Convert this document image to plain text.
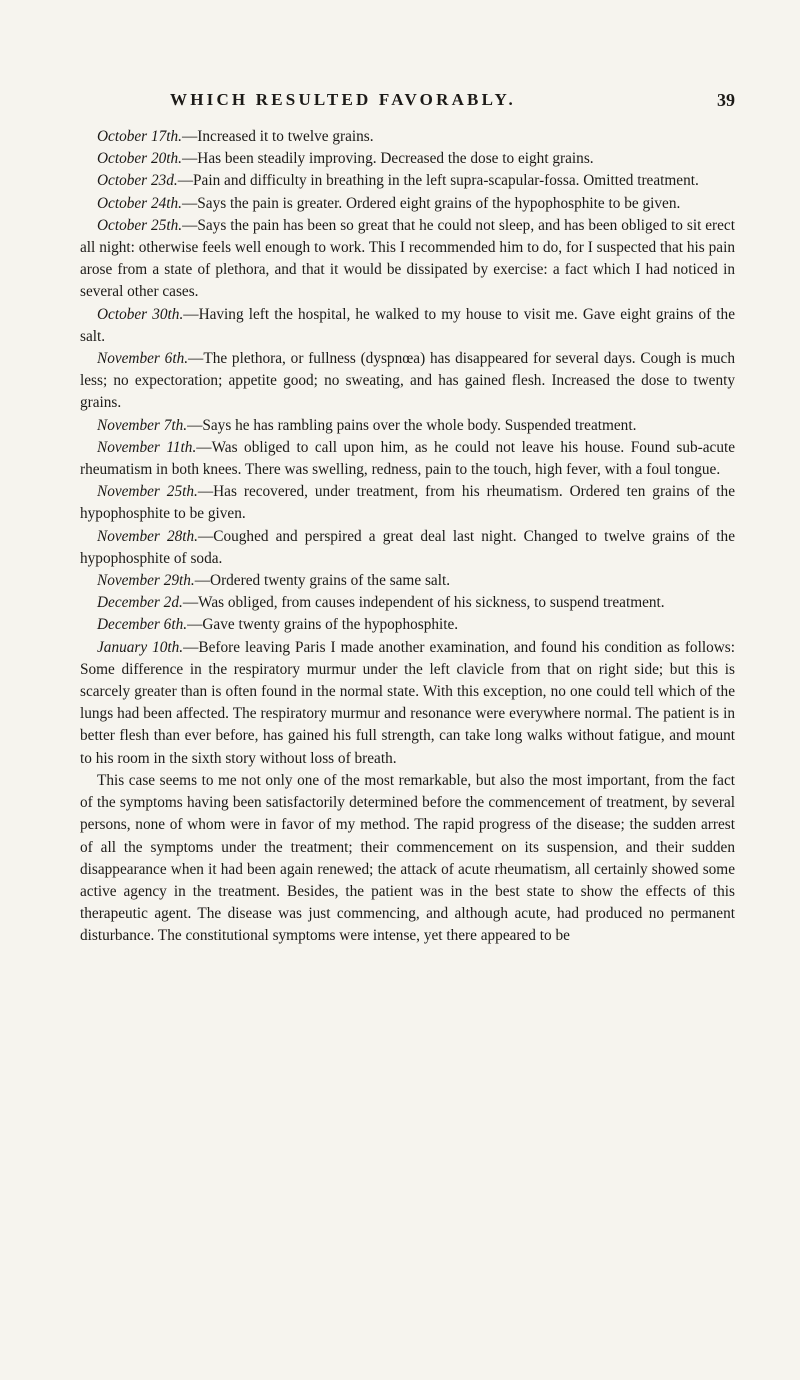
WHICH RESULTED FAVORABLY.	39

October 17th.—Increased it to twelve grains.

October 20th.—Has been steadily improving. Decreased the dose to eight grains.

October 23d.—Pain and difficulty in breathing in the left supra-scapular-fossa. Omitted treatment.

October 24th.—Says the pain is greater. Ordered eight grains of the hypophosphite to be given.

October 25th.—Says the pain has been so great that he could not sleep, and has been obliged to sit erect all night: otherwise feels well enough to work. This I recommended him to do, for I suspected that his pain arose from a state of plethora, and that it would be dissipated by exercise: a fact which I had noticed in several other cases.

October 30th.—Having left the hospital, he walked to my house to visit me. Gave eight grains of the salt.

November 6th.—The plethora, or fullness (dyspnœa) has disappeared for several days. Cough is much less; no expectoration; appetite good; no sweating, and has gained flesh. Increased the dose to twenty grains.

November 7th.—Says he has rambling pains over the whole body. Suspended treatment.

November 11th.—Was obliged to call upon him, as he could not leave his house. Found sub-acute rheumatism in both knees. There was swelling, redness, pain to the touch, high fever, with a foul tongue.

November 25th.—Has recovered, under treatment, from his rheumatism. Ordered ten grains of the hypophosphite to be given.

November 28th.—Coughed and perspired a great deal last night. Changed to twelve grains of the hypophosphite of soda.

November 29th.—Ordered twenty grains of the same salt.

December 2d.—Was obliged, from causes independent of his sickness, to suspend treatment.

December 6th.—Gave twenty grains of the hypophosphite.

January 10th.—Before leaving Paris I made another examination, and found his condition as follows: Some difference in the respiratory murmur under the left clavicle from that on right side; but this is scarcely greater than is often found in the normal state. With this exception, no one could tell which of the lungs had been affected. The respiratory murmur and resonance were everywhere normal. The patient is in better flesh than ever before, has gained his full strength, can take long walks without fatigue, and mount to his room in the sixth story without loss of breath.

This case seems to me not only one of the most remarkable, but also the most important, from the fact of the symptoms having been satisfactorily determined before the commencement of treatment, by several persons, none of whom were in favor of my method. The rapid progress of the disease; the sudden arrest of all the symptoms under the treatment; their commencement on its suspension, and their sudden disappearance when it had been again renewed; the attack of acute rheumatism, all certainly showed some active agency in the treatment. Besides, the patient was in the best state to show the effects of this therapeutic agent. The disease was just commencing, and although acute, had produced no permanent disturbance. The constitutional symptoms were intense, yet there appeared to be
